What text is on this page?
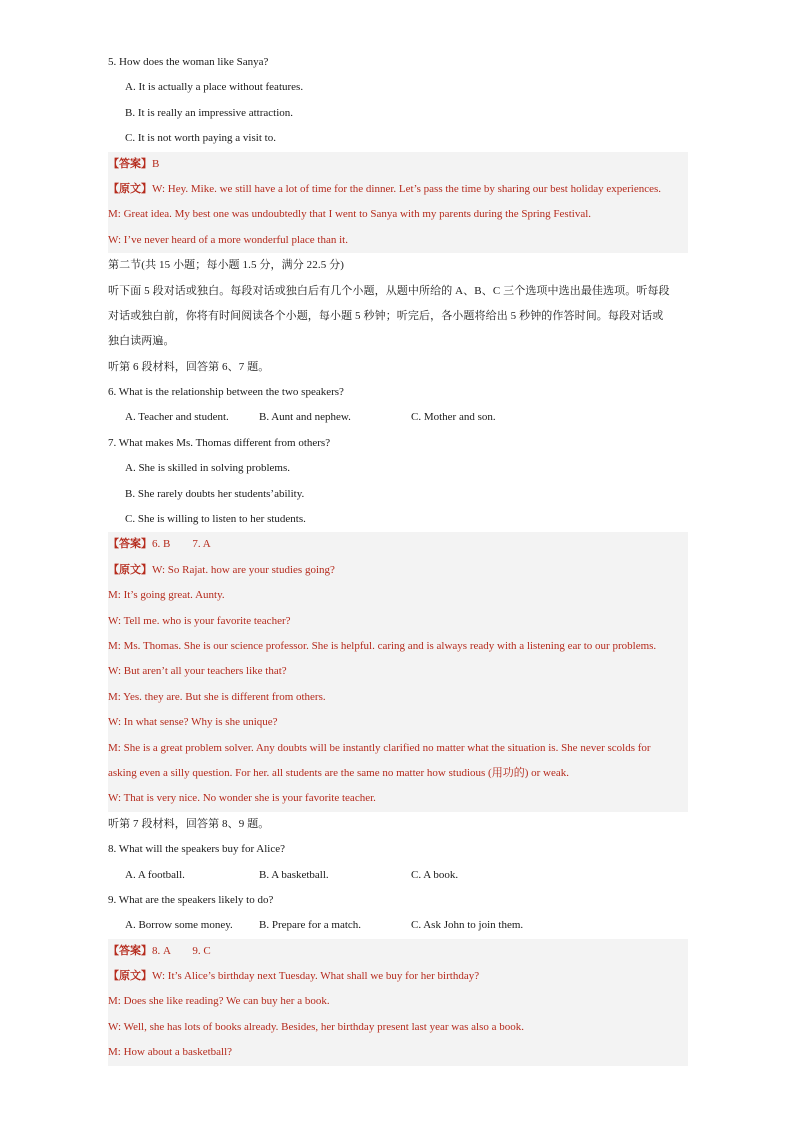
5. How does the woman like Sanya?
A. It is actually a place without features.
B. It is really an impressive attraction.
C. It is not worth paying a visit to.
【答案】B
【原文】W: Hey. Mike. we still have a lot of time for the dinner. Let’s pass the time by sharing our best holiday experiences.
M: Great idea. My best one was undoubtedly that I went to Sanya with my parents during the Spring Festival.
W: I’ve never heard of a more wonderful place than it.
第二节(共 15 小题；每小题 1.5 分，满分 22.5 分)
听下面 5 段对话或独白。每段对话或独白后有几个小题，从题中所给的 A、B、C 三个选项中选出最佳选项。听每段
对话或独白前，你将有时间阅读各个小题，每小题 5 秒钟；听完后，各小题将给出 5 秒钟的作答时间。每段对话或
独白读两遍。
听第 6 段材料，回答第 6、7 题。
6. What is the relationship between the two speakers?
A. Teacher and student.	B. Aunt and nephew.	C. Mother and son.
7. What makes Ms. Thomas different from others?
A. She is skilled in solving problems.
B. She rarely doubts her students’ability.
C. She is willing to listen to her students.
【答案】6. B        7. A
【原文】W: So Rajat. how are your studies going?
M: It’s going great. Aunty.
W: Tell me. who is your favorite teacher?
M: Ms. Thomas. She is our science professor. She is helpful. caring and is always ready with a listening ear to our problems.
W: But aren’t all your teachers like that?
M: Yes. they are. But she is different from others.
W: In what sense? Why is she unique?
M: She is a great problem solver. Any doubts will be instantly clarified no matter what the situation is. She never scolds for
asking even a silly question. For her. all students are the same no matter how studious (用功的) or weak.
W: That is very nice. No wonder she is your favorite teacher.
听第 7 段材料，回答第 8、9 题。
8. What will the speakers buy for Alice?
A. A football.	B. A basketball.	C. A book.
9. What are the speakers likely to do?
A. Borrow some money. B. Prepare for a match.	C. Ask John to join them.
【答案】8. A        9. C
【原文】W: It’s Alice’s birthday next Tuesday. What shall we buy for her birthday?
M: Does she like reading? We can buy her a book.
W: Well, she has lots of books already. Besides, her birthday present last year was also a book.
M: How about a basketball?
